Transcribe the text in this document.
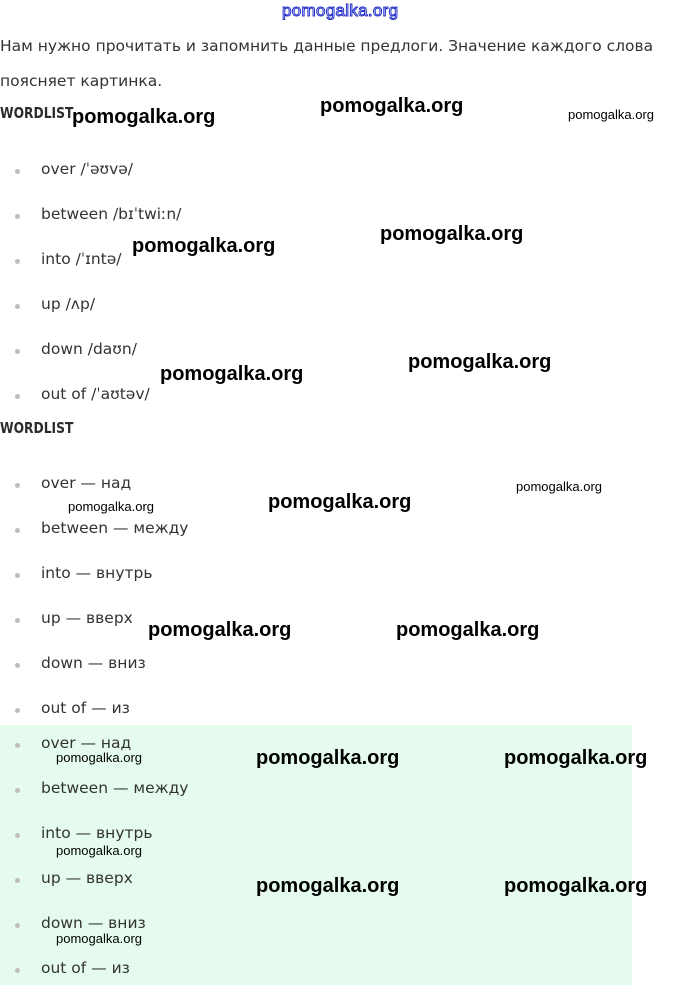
pomogalka.org
Нам нужно прочитать и запомнить данные предлоги. Значение каждого слова
поясняет картинка.
WORDLIST
over /ˈəʊvə/
between /bɪˈtwiːn/
into /ˈɪntə/
up /ʌp/
down /daʊn/
out of /ˈaʊtəv/
WORDLIST
over — над
between — между
into — внутрь
up — вверх
down — вниз
out of — из
over — над
between — между
into — внутрь
up — вверх
down — вниз
out of — из
pomogalka.org	pomogalka.org	pomogalka.org
pomogalka.org
pomogalka.org
pomogalka.org
pomogalka.org
pomogalka.org	pomogalka.org
pomogalka.org
pomogalka.org	pomogalka.org
pomogalka.org	pomogalka.org	pomogalka.org
pomogalka.org
pomogalka.org	pomogalka.org
pomogalka.org
